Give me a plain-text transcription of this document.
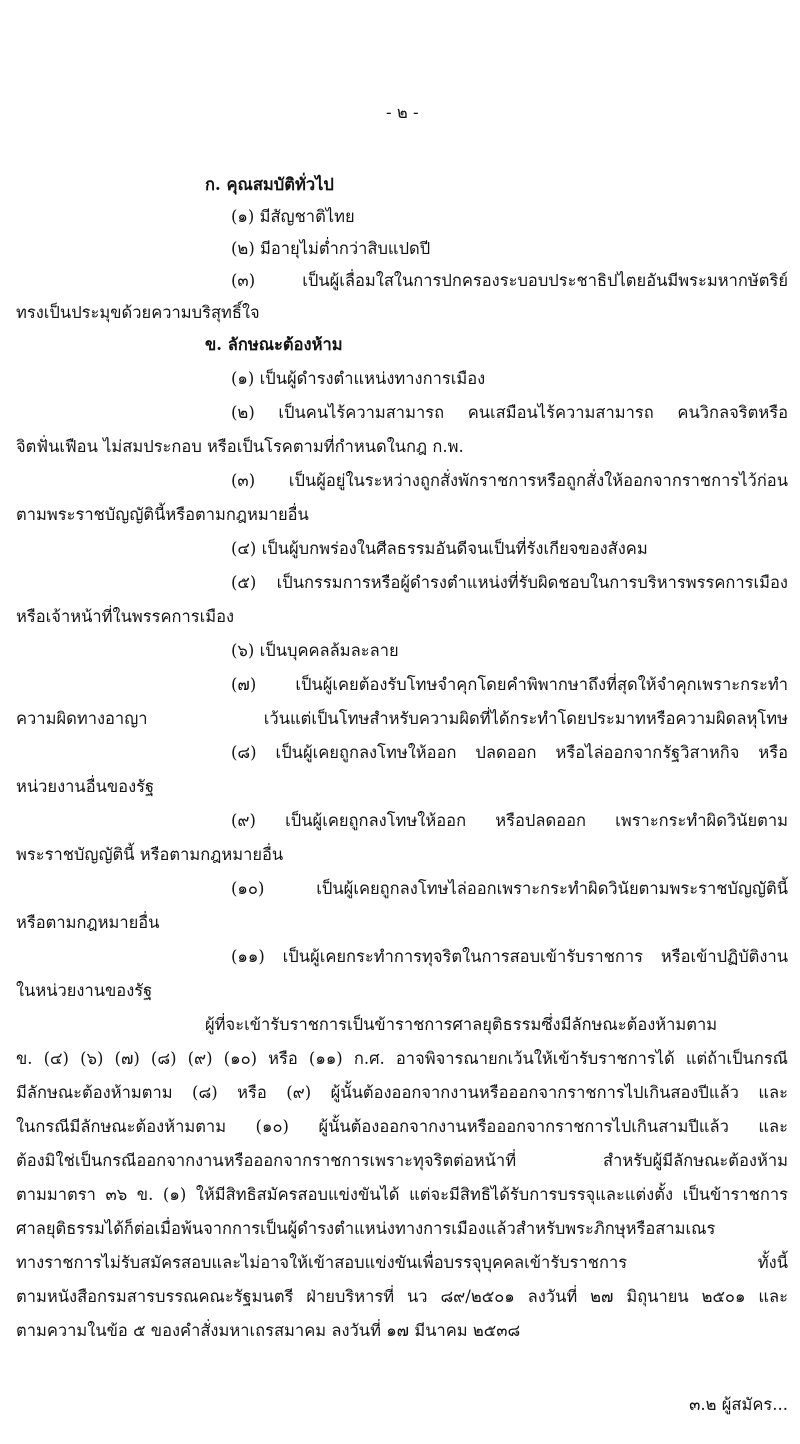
- ๒ -
ก. คุณสมบัติทั่วไป
(๑) มีสัญชาติไทย
(๒) มีอายุไม่ต่ำกว่าสิบแปดปี
(๓) เป็นผู้เลื่อมใสในการปกครองระบอบประชาธิปไตยอันมีพระมหากษัตริย์
ทรงเป็นประมุขด้วยความบริสุทธิ์ใจ
ข. ลักษณะต้องห้าม
(๑) เป็นผู้ดำรงตำแหน่งทางการเมือง
(๒) เป็นคนไร้ความสามารถ คนเสมือนไร้ความสามารถ คนวิกลจริตหรือ
จิตฟั่นเฟือน ไม่สมประกอบ หรือเป็นโรคตามที่กำหนดในกฎ ก.พ.
(๓) เป็นผู้อยู่ในระหว่างถูกสั่งพักราชการหรือถูกสั่งให้ออกจากราชการไว้ก่อน
ตามพระราชบัญญัตินี้หรือตามกฎหมายอื่น
(๔) เป็นผู้บกพร่องในศีลธรรมอันดีจนเป็นที่รังเกียจของสังคม
(๕) เป็นกรรมการหรือผู้ดำรงตำแหน่งที่รับผิดชอบในการบริหารพรรคการเมือง
หรือเจ้าหน้าที่ในพรรคการเมือง
(๖) เป็นบุคคลล้มละลาย
(๗) เป็นผู้เคยต้องรับโทษจำคุกโดยคำพิพากษาถึงที่สุดให้จำคุกเพราะกระทำ
ความผิดทางอาญา เว้นแต่เป็นโทษสำหรับความผิดที่ได้กระทำโดยประมาทหรือความผิดลหุโทษ
(๘) เป็นผู้เคยถูกลงโทษให้ออก ปลดออก หรือไล่ออกจากรัฐวิสาหกิจ หรือ
หน่วยงานอื่นของรัฐ
(๙) เป็นผู้เคยถูกลงโทษให้ออก หรือปลดออก เพราะกระทำผิดวินัยตาม
พระราชบัญญัตินี้ หรือตามกฎหมายอื่น
(๑๐) เป็นผู้เคยถูกลงโทษไล่ออกเพราะกระทำผิดวินัยตามพระราชบัญญัตินี้
หรือตามกฎหมายอื่น
(๑๑) เป็นผู้เคยกระทำการทุจริตในการสอบเข้ารับราชการ หรือเข้าปฏิบัติงาน
ในหน่วยงานของรัฐ
ผู้ที่จะเข้ารับราชการเป็นข้าราชการศาลยุติธรรมซึ่งมีลักษณะต้องห้ามตาม
ข. (๔) (๖) (๗) (๘) (๙) (๑๐) หรือ (๑๑) ก.ศ. อาจพิจารณายกเว้นให้เข้ารับราชการได้ แต่ถ้าเป็นกรณี
มีลักษณะต้องห้ามตาม (๘) หรือ (๙) ผู้นั้นต้องออกจากงานหรือออกจากราชการไปเกินสองปีแล้ว และ
ในกรณีมีลักษณะต้องห้ามตาม (๑๐) ผู้นั้นต้องออกจากงานหรือออกจากราชการไปเกินสามปีแล้ว และ
ต้องมิใช่เป็นกรณีออกจากงานหรือออกจากราชการเพราะทุจริตต่อหน้าที่ สำหรับผู้มีลักษณะต้องห้าม
ตามมาตรา ๓๖ ข. (๑) ให้มีสิทธิสมัครสอบแข่งขันได้ แต่จะมีสิทธิได้รับการบรรจุและแต่งตั้ง เป็นข้าราชการ
ศาลยุติธรรมได้ก็ต่อเมื่อพ้นจากการเป็นผู้ดำรงตำแหน่งทางการเมืองแล้วสำหรับพระภิกษุหรือสามเณร
ทางราชการไม่รับสมัครสอบและไม่อาจให้เข้าสอบแข่งขันเพื่อบรรจุบุคคลเข้ารับราชการ ทั้งนี้
ตามหนังสือกรมสารบรรณคณะรัฐมนตรี ฝ่ายบริหารที่ นว ๘๙/๒๕๐๑ ลงวันที่ ๒๗ มิถุนายน ๒๕๐๑ และ
ตามความในข้อ ๕ ของคำสั่งมหาเถรสมาคม ลงวันที่ ๑๗ มีนาคม ๒๕๓๘
๓.๒ ผู้สมัคร...
